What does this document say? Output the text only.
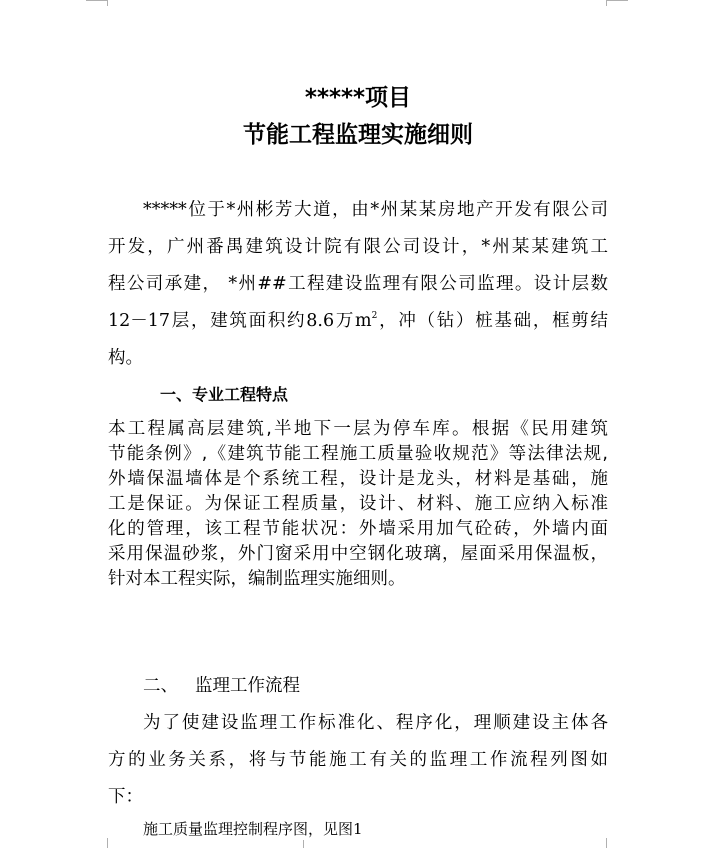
*****项目
节能工程监理实施细则
*****位于*州彬芳大道，由*州某某房地产开发有限公司
开发，广州番禺建筑设计院有限公司设计，*州某某建筑工
程公司承建， *州##工程建设监理有限公司监理。设计层数
12－17层，建筑面积约8.6万$m^2$，冲（钻）桩基础，框剪结
构。
一、专业工程特点
本工程属高层建筑,半地下一层为停车库。根据《民用建筑
节能条例》,《建筑节能工程施工质量验收规范》等法律法规,
外墙保温墙体是个系统工程，设计是龙头，材料是基础，施
工是保证。为保证工程质量，设计、材料、施工应纳入标准
化的管理，该工程节能状况：外墙采用加气砼砖，外墙内面
采用保温砂浆，外门窗采用中空钢化玻璃，屋面采用保温板，
针对本工程实际，编制监理实施细则。
二、 监理工作流程
为了使建设监理工作标准化、程序化，理顺建设主体各
方的业务关系，将与节能施工有关的监理工作流程列图如
下：
施工质量监理控制程序图，见图1
